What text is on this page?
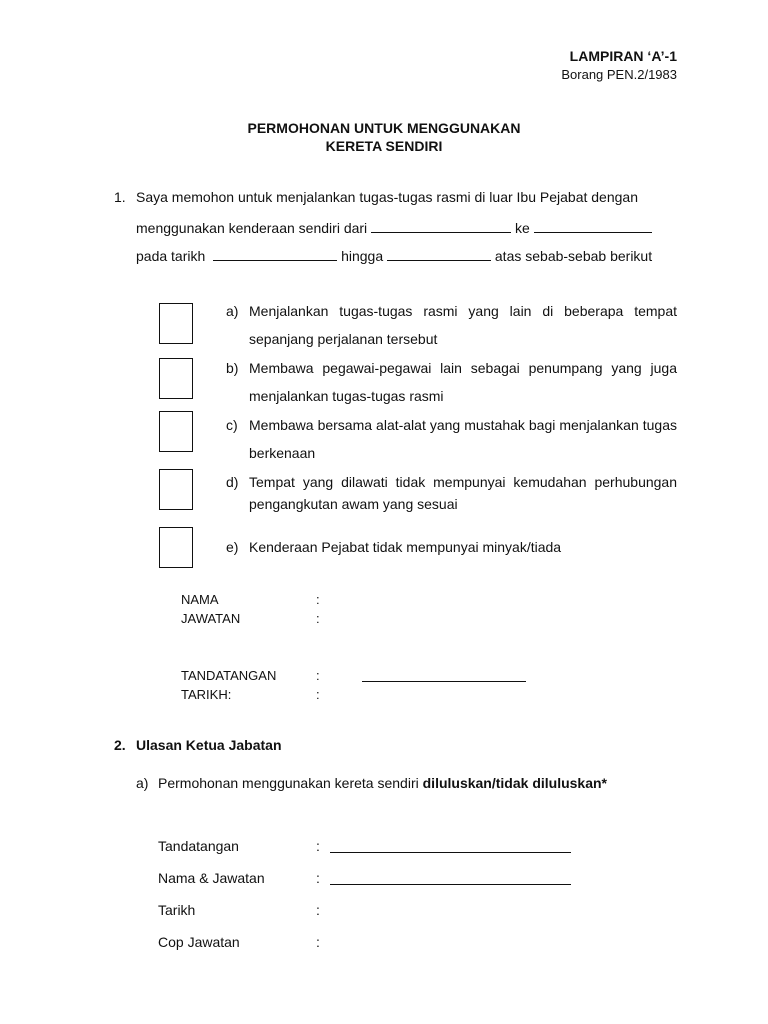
LAMPIRAN ‘A’-1
Borang PEN.2/1983
PERMOHONAN UNTUK MENGGUNAKAN
KERETA SENDIRI
1. Saya memohon untuk menjalankan tugas-tugas rasmi di luar Ibu Pejabat dengan
menggunakan kenderaan sendiri dari	ke
pada tarikh	hingga	atas sebab-sebab berikut
a) Menjalankan tugas-tugas rasmi yang lain di beberapa tempat
sepanjang perjalanan tersebut
b) Membawa pegawai-pegawai lain sebagai penumpang yang juga
menjalankan tugas-tugas rasmi
c) Membawa bersama alat-alat yang mustahak bagi menjalankan tugas
berkenaan
d) Tempat yang dilawati tidak mempunyai kemudahan perhubungan
pengangkutan awam yang sesuai
e) Kenderaan Pejabat tidak mempunyai minyak/tiada
NAMA	:
JAWATAN	:
TANDATANGAN	:
TARIKH:	:
2. Ulasan Ketua Jabatan
a) Permohonan menggunakan kereta sendiri diluluskan/tidak diluluskan*
Tandatangan	:
Nama & Jawatan	:
Tarikh	:
Cop Jawatan	:
